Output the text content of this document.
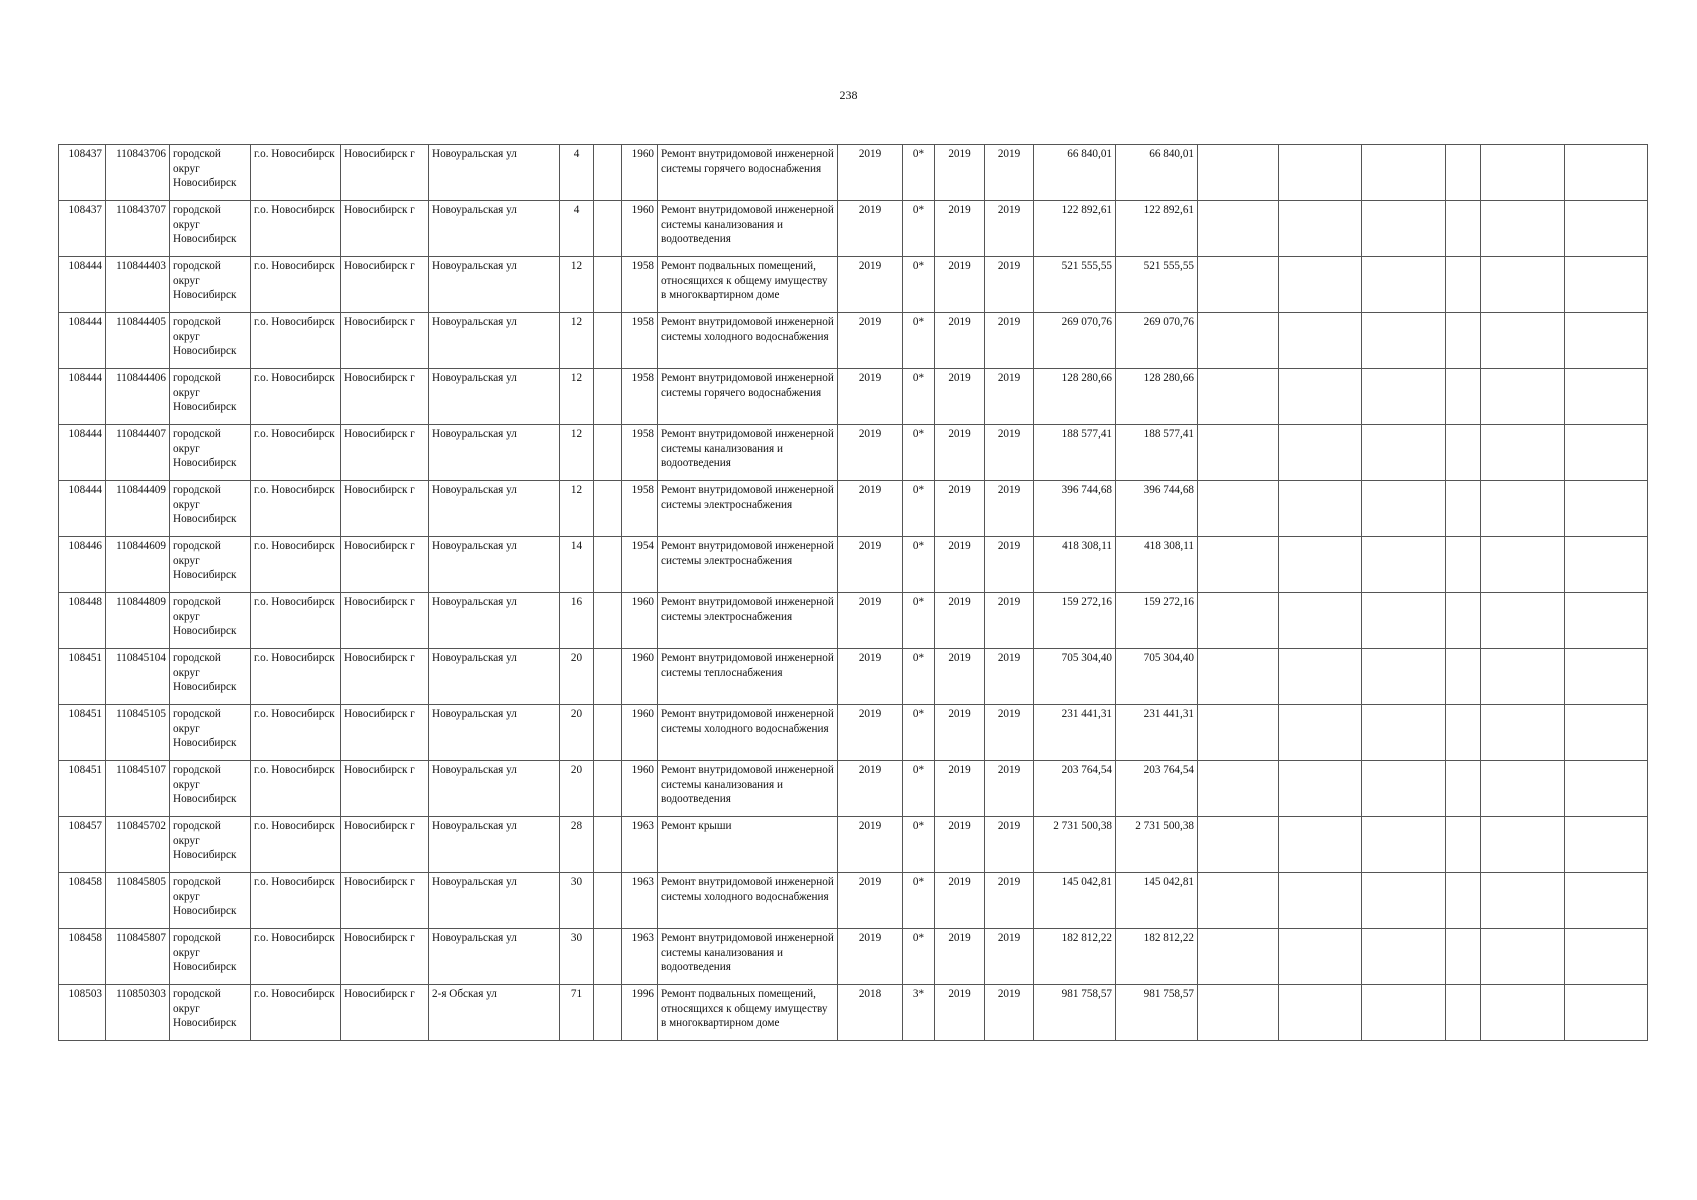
238
108437	110843706	городской округ Новосибирск	г.о. Новосибирск	Новосибирск г	Новоуральская ул	4		1960	Ремонт внутридомовой инженерной системы горячего водоснабжения	2019	0*	2019	2019	66 840,01	66 840,01						
108437	110843707	городской округ Новосибирск	г.о. Новосибирск	Новосибирск г	Новоуральская ул	4		1960	Ремонт внутридомовой инженерной системы канализования и водоотведения	2019	0*	2019	2019	122 892,61	122 892,61						
108444	110844403	городской округ Новосибирск	г.о. Новосибирск	Новосибирск г	Новоуральская ул	12		1958	Ремонт подвальных помещений, относящихся к общему имуществу в многоквартирном доме	2019	0*	2019	2019	521 555,55	521 555,55						
108444	110844405	городской округ Новосибирск	г.о. Новосибирск	Новосибирск г	Новоуральская ул	12		1958	Ремонт внутридомовой инженерной системы холодного водоснабжения	2019	0*	2019	2019	269 070,76	269 070,76						
108444	110844406	городской округ Новосибирск	г.о. Новосибирск	Новосибирск г	Новоуральская ул	12		1958	Ремонт внутридомовой инженерной системы горячего водоснабжения	2019	0*	2019	2019	128 280,66	128 280,66						
108444	110844407	городской округ Новосибирск	г.о. Новосибирск	Новосибирск г	Новоуральская ул	12		1958	Ремонт внутридомовой инженерной системы канализования и водоотведения	2019	0*	2019	2019	188 577,41	188 577,41						
108444	110844409	городской округ Новосибирск	г.о. Новосибирск	Новосибирск г	Новоуральская ул	12		1958	Ремонт внутридомовой инженерной системы электроснабжения	2019	0*	2019	2019	396 744,68	396 744,68						
108446	110844609	городской округ Новосибирск	г.о. Новосибирск	Новосибирск г	Новоуральская ул	14		1954	Ремонт внутридомовой инженерной системы электроснабжения	2019	0*	2019	2019	418 308,11	418 308,11						
108448	110844809	городской округ Новосибирск	г.о. Новосибирск	Новосибирск г	Новоуральская ул	16		1960	Ремонт внутридомовой инженерной системы электроснабжения	2019	0*	2019	2019	159 272,16	159 272,16						
108451	110845104	городской округ Новосибирск	г.о. Новосибирск	Новосибирск г	Новоуральская ул	20		1960	Ремонт внутридомовой инженерной системы теплоснабжения	2019	0*	2019	2019	705 304,40	705 304,40						
108451	110845105	городской округ Новосибирск	г.о. Новосибирск	Новосибирск г	Новоуральская ул	20		1960	Ремонт внутридомовой инженерной системы холодного водоснабжения	2019	0*	2019	2019	231 441,31	231 441,31						
108451	110845107	городской округ Новосибирск	г.о. Новосибирск	Новосибирск г	Новоуральская ул	20		1960	Ремонт внутридомовой инженерной системы канализования и водоотведения	2019	0*	2019	2019	203 764,54	203 764,54						
108457	110845702	городской округ Новосибирск	г.о. Новосибирск	Новосибирск г	Новоуральская ул	28		1963	Ремонт крыши	2019	0*	2019	2019	2 731 500,38	2 731 500,38						
108458	110845805	городской округ Новосибирск	г.о. Новосибирск	Новосибирск г	Новоуральская ул	30		1963	Ремонт внутридомовой инженерной системы холодного водоснабжения	2019	0*	2019	2019	145 042,81	145 042,81						
108458	110845807	городской округ Новосибирск	г.о. Новосибирск	Новосибирск г	Новоуральская ул	30		1963	Ремонт внутридомовой инженерной системы канализования и водоотведения	2019	0*	2019	2019	182 812,22	182 812,22						
108503	110850303	городской округ Новосибирск	г.о. Новосибирск	Новосибирск г	2-я Обская ул	71		1996	Ремонт подвальных помещений, относящихся к общему имуществу в многоквартирном доме	2018	3*	2019	2019	981 758,57	981 758,57						
